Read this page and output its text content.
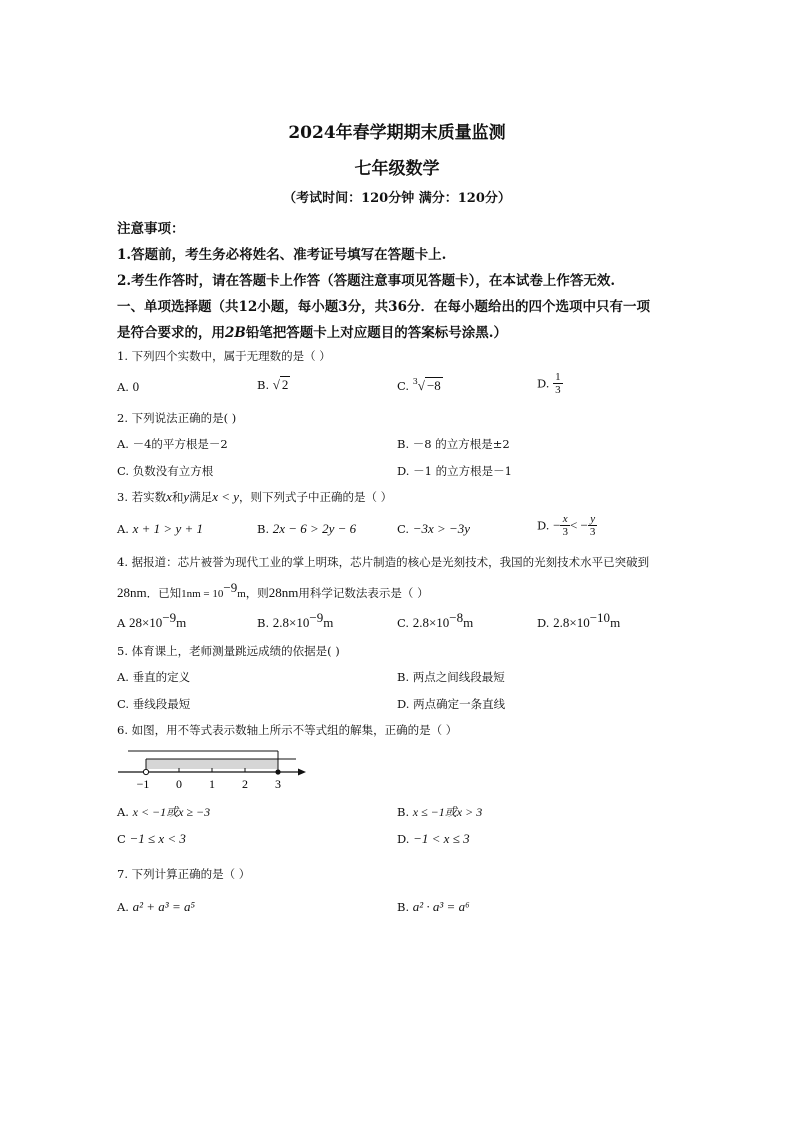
2024年春学期期末质量监测
七年级数学
（考试时间：120分钟 满分：120分）
注意事项：
1.答题前，考生务必将姓名、准考证号填写在答题卡上.
2.考生作答时，请在答题卡上作答（答题注意事项见答题卡），在本试卷上作答无效.
一、单项选择题（共12小题，每小题3分，共36分．在每小题给出的四个选项中只有一项
是符合要求的，用2B铅笔把答题卡上对应题目的答案标号涂黑.）
1. 下列四个实数中，属于无理数的是（ ）
A. 0	B. √ 2	C. $^3$√ −8	D. $\frac{1}{3}$
2. 下列说法正确的是( )
A. －4的平方根是－2	B. －8 的立方根是±2
C. 负数没有立方根	D. －1 的立方根是－1
3. 若实数x和y满足x < y，则下列式子中正确的是（ ）
A. x + 1 > y + 1	B. 2x − 6 > 2y − 6	C. −3x > −3y	D. − $\frac{x}{3}$ < − $\frac{y}{3}$
4. 据报道：芯片被誉为现代工业的掌上明珠，芯片制造的核心是光刻技术，我国的光刻技术水平已突破到
28nm．已知$1nm = 10^{-9}m$，则28nm用科学记数法表示是（ ）
A $28\times 10^{-9}m$	B. $2.8\times 10^{-9}m$	C. $2.8\times 10^{-8}m$	D. $2.8\times 10^{-10}m$
5. 体育课上，老师测量跳远成绩的依据是( )
A. 垂直的定义	B. 两点之间线段最短
C. 垂线段最短	D. 两点确定一条直线
6. 如图，用不等式表示数轴上所示不等式组的解集，正确的是（ ）
−1 0 1 2 3
A. x < −1或x ≥ −3	B. x ≤ −1或x > 3
C −1 ≤ x < 3	D. −1 < x ≤ 3
7. 下列计算正确的是（ ）
A. a² + a³ = a⁵	B. a² · a³ = a⁶
